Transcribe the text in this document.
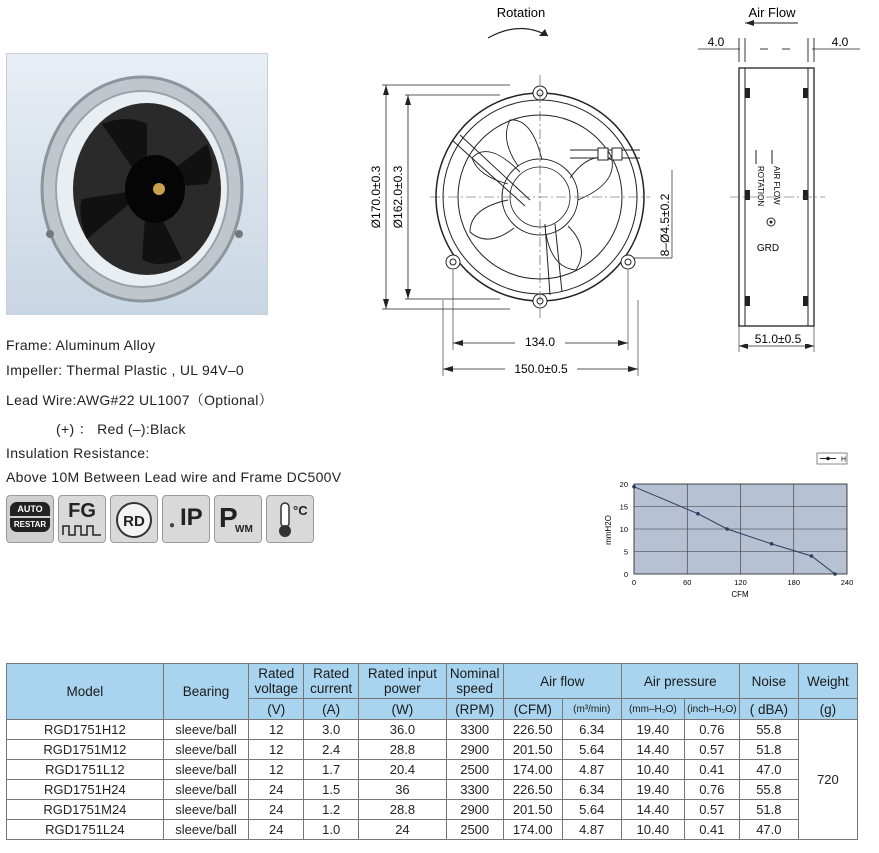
Frame: Aluminum Alloy
Impeller: Thermal Plastic , UL 94V–0
Lead Wire:AWG#22 UL1007（Optional）
(+) ： Red (–):Black
Insulation Resistance:
Above 10M Between Lead wire and Frame DC500V
AUTO
RESTAR
FG	RD	● IP P
WM
°C
Rotation
Ø170.0±0.3 Ø162.0±0.3	8–Ø4.5±0.2
134.0
150.0±0.5
Air Flow
4.0	4.0
ROTATION AIR FLOW
GRD
51.0±0.5
H
0	60	120	180	240
0
5
10
15
20
CFM
mmH2O
Model	Bearing	Rated voltage	Rated current	Rated input power	Nominal speed	Air flow		Air pressure		Noise	Weight
		(V)	(A)	(W)	(RPM)	(CFM)	(m³/min)	(mm–H₂O)	(inch–H₂O)	( dBA)	(g)
RGD1751H12	sleeve/ball	12	3.0	36.0	3300	226.50	6.34	19.40	0.76	55.8	720
RGD1751M12	sleeve/ball	12	2.4	28.8	2900	201.50	5.64	14.40	0.57	51.8	
RGD1751L12	sleeve/ball	12	1.7	20.4	2500	174.00	4.87	10.40	0.41	47.0	
RGD1751H24	sleeve/ball	24	1.5	36	3300	226.50	6.34	19.40	0.76	55.8	
RGD1751M24	sleeve/ball	24	1.2	28.8	2900	201.50	5.64	14.40	0.57	51.8	
RGD1751L24	sleeve/ball	24	1.0	24	2500	174.00	4.87	10.40	0.41	47.0	
